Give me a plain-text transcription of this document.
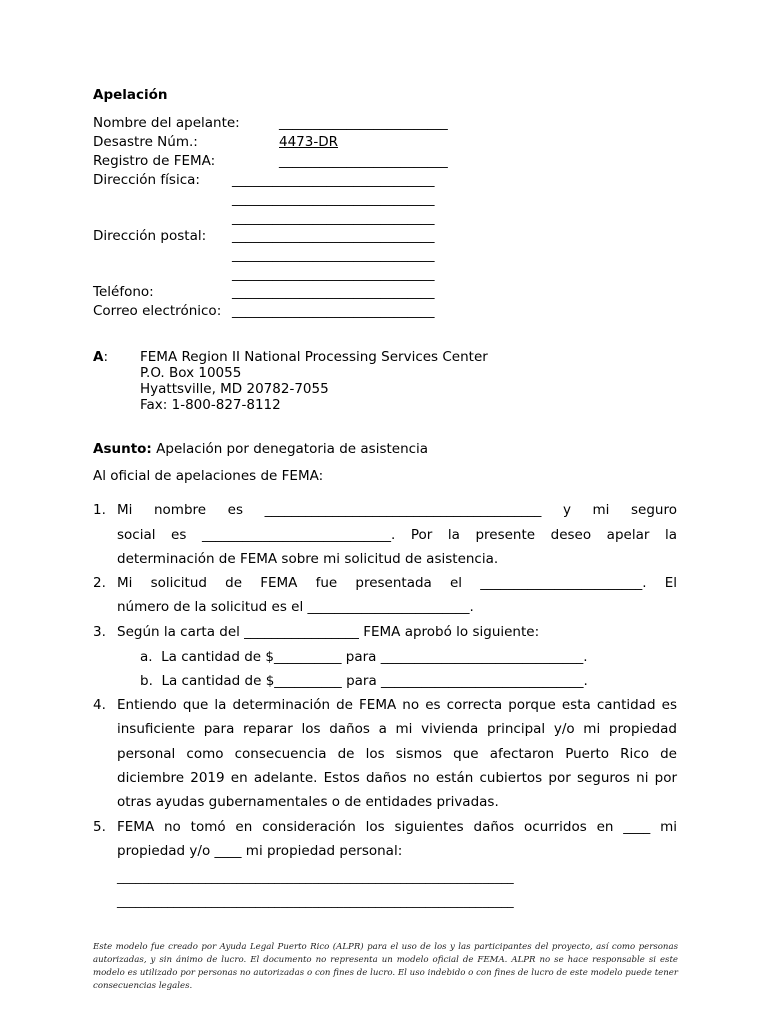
Apelación
Nombre del apelante:	_________________________
Desastre Núm.:	4473-DR
Registro de FEMA:	_________________________
Dirección física: ______________________________
______________________________
______________________________
Dirección postal: ______________________________
______________________________
______________________________
Teléfono:	______________________________
Correo electrónico: ______________________________
A: FEMA Region II National Processing Services Center
P.O. Box 10055
Hyattsville, MD 20782-7055
Fax: 1-800-827-8112
Asunto: Apelación por denegatoria de asistencia
Al oficial de apelaciones de FEMA:
1. Mi nombre es _________________________________________ y mi seguro
social es ____________________________. Por la presente deseo apelar la
determinación de FEMA sobre mi solicitud de asistencia.
2. Mi solicitud de FEMA fue presentada el ________________________. El
número de la solicitud es el ________________________.
3. Según la carta del _________________ FEMA aprobó lo siguiente:
a.  La cantidad de $__________ para ______________________________.
b.  La cantidad de $__________ para ______________________________.
4. Entiendo que la determinación de FEMA no es correcta porque esta cantidad es
insuficiente para reparar los daños a mi vivienda principal y/o mi propiedad
personal como consecuencia de los sismos que afectaron Puerto Rico de
diciembre 2019 en adelante. Estos daños no están cubiertos por seguros ni por
otras ayudas gubernamentales o de entidades privadas.
5. FEMA no tomó en consideración los siguientes daños ocurridos en ____ mi
propiedad y/o ____ mi propiedad personal:
_______________________________________________________________
_______________________________________________________________
Este modelo fue creado por Ayuda Legal Puerto Rico (ALPR) para el uso de los y las participantes del proyecto, así como personas autorizadas, y sin ánimo de lucro. El documento no representa un modelo oficial de FEMA. ALPR no se hace responsable si este modelo es utilizado por personas no autorizadas o con fines de lucro. El uso indebido o con fines de lucro de este modelo puede tener consecuencias legales.
